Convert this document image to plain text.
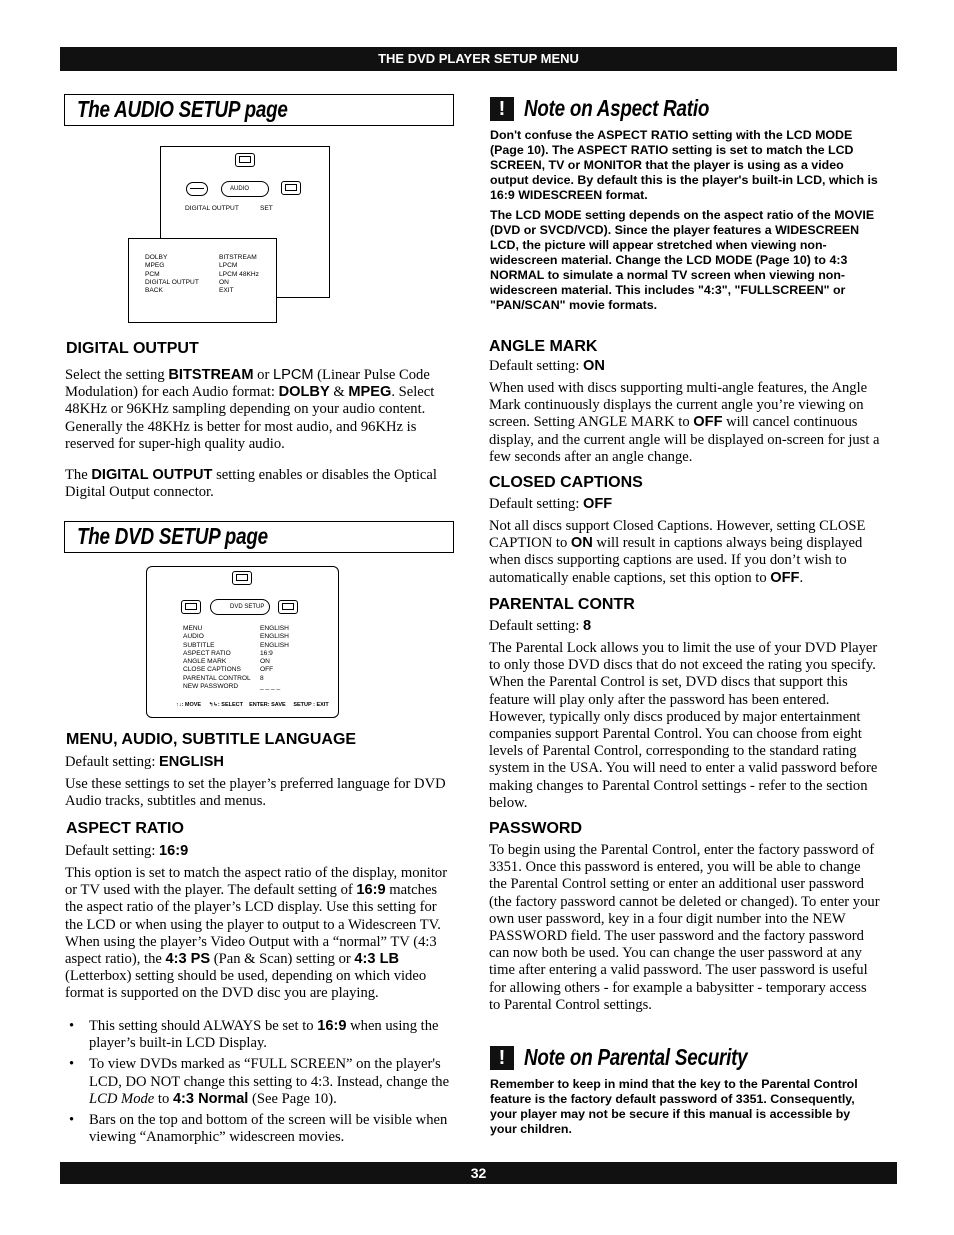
THE DVD PLAYER SETUP MENU
32
The AUDIO SETUP page
AUDIO
DIGITAL OUTPUT	SET
DOLBY
MPEG
PCM
DIGITAL OUTPUT
BACK
BITSTREAM
LPCM
LPCM 48KHz
ON
EXIT
DIGITAL OUTPUT
Select the setting BITSTREAM or LPCM (Linear Pulse Code Modulation) for each Audio format: DOLBY & MPEG. Select 48KHz or 96KHz sampling depending on your audio content. Generally the 48KHz is better for most audio, and 96KHz is reserved for super-high quality audio.
The DIGITAL OUTPUT setting enables or disables the Optical Digital Output connector.
The DVD SETUP page
DVD SETUP
MENU
AUDIO
SUBTITLE
ASPECT RATIO
ANGLE MARK
CLOSE CAPTIONS
PARENTAL CONTROL
NEW PASSWORD
ENGLISH
ENGLISH
ENGLISH
16:9
ON
OFF
8
_ _ _ _
↑↓: MOVE ↰↳: SELECT ENTER: SAVE SETUP : EXIT
MENU, AUDIO, SUBTITLE LANGUAGE
Default setting: ENGLISH
Use these settings to set the player’s preferred language for DVD Audio tracks, subtitles and menus.
ASPECT RATIO
Default setting: 16:9
This option is set to match the aspect ratio of the display, monitor or TV used with the player. The default setting of 16:9 matches the aspect ratio of the player’s LCD display. Use this setting for the LCD or when using the player to output to a Widescreen TV. When using the player’s Video Output with a “normal” TV (4:3 aspect ratio), the 4:3 PS (Pan & Scan) setting or 4:3 LB (Letterbox) setting should be used, depending on which video format is supported on the DVD disc you are playing.
• This setting should ALWAYS be set to 16:9 when using the player’s built-in LCD Display.
• To view DVDs marked as “FULL SCREEN” on the player's LCD, DO NOT change this setting to 4:3. Instead, change the LCD Mode to 4:3 Normal (See Page 10).
• Bars on the top and bottom of the screen will be visible when viewing “Anamorphic” widescreen movies.
! Note on Aspect Ratio
Don't confuse the ASPECT RATIO setting with the LCD MODE (Page 10). The ASPECT RATIO setting is set to match the LCD SCREEN, TV or MONITOR that the player is using as a video output device. By default this is the player's built-in LCD, which is 16:9 WIDESCREEN format.
The LCD MODE setting depends on the aspect ratio of the MOVIE (DVD or SVCD/VCD). Since the player features a WIDESCREEN LCD, the picture will appear stretched when viewing non-widescreen material. Change the LCD MODE (Page 10) to 4:3 NORMAL to simulate a normal TV screen when viewing non-widescreen material. This includes "4:3", "FULLSCREEN" or "PAN/SCAN" movie formats.
ANGLE MARK
Default setting: ON
When used with discs supporting multi-angle features, the Angle Mark continuously displays the current angle you’re viewing on screen. Setting ANGLE MARK to OFF will cancel continuous display, and the current angle will be displayed on-screen for just a few seconds after an angle change.
CLOSED CAPTIONS
Default setting: OFF
Not all discs support Closed Captions. However, setting CLOSE CAPTION to ON will result in captions always being displayed when discs supporting captions are used. If you don’t wish to automatically enable captions, set this option to OFF.
PARENTAL CONTR
Default setting: 8
The Parental Lock allows you to limit the use of your DVD Player to only those DVD discs that do not exceed the rating you specify. When the Parental Control is set, DVD discs that support this feature will play only after the password has been entered. However, typically only discs produced by major entertainment companies support Parental Control. You can choose from eight levels of Parental Control, corresponding to the standard rating system in the USA. You will need to enter a valid password before making changes to Parental Control settings - refer to the section below.
PASSWORD
To begin using the Parental Control, enter the factory password of 3351. Once this password is entered, you will be able to change the Parental Control setting or enter an additional user password (the factory password cannot be deleted or changed). To enter your own user password, key in a four digit number into the NEW PASSWORD field. The user password and the factory password can now both be used. You can change the user password at any time after entering a valid password. The user password is useful for allowing others - for example a babysitter - temporary access to Parental Control settings.
! Note on Parental Security
Remember to keep in mind that the key to the Parental Control feature is the factory default password of 3351. Consequently, your player may not be secure if this manual is accessible by your children.
